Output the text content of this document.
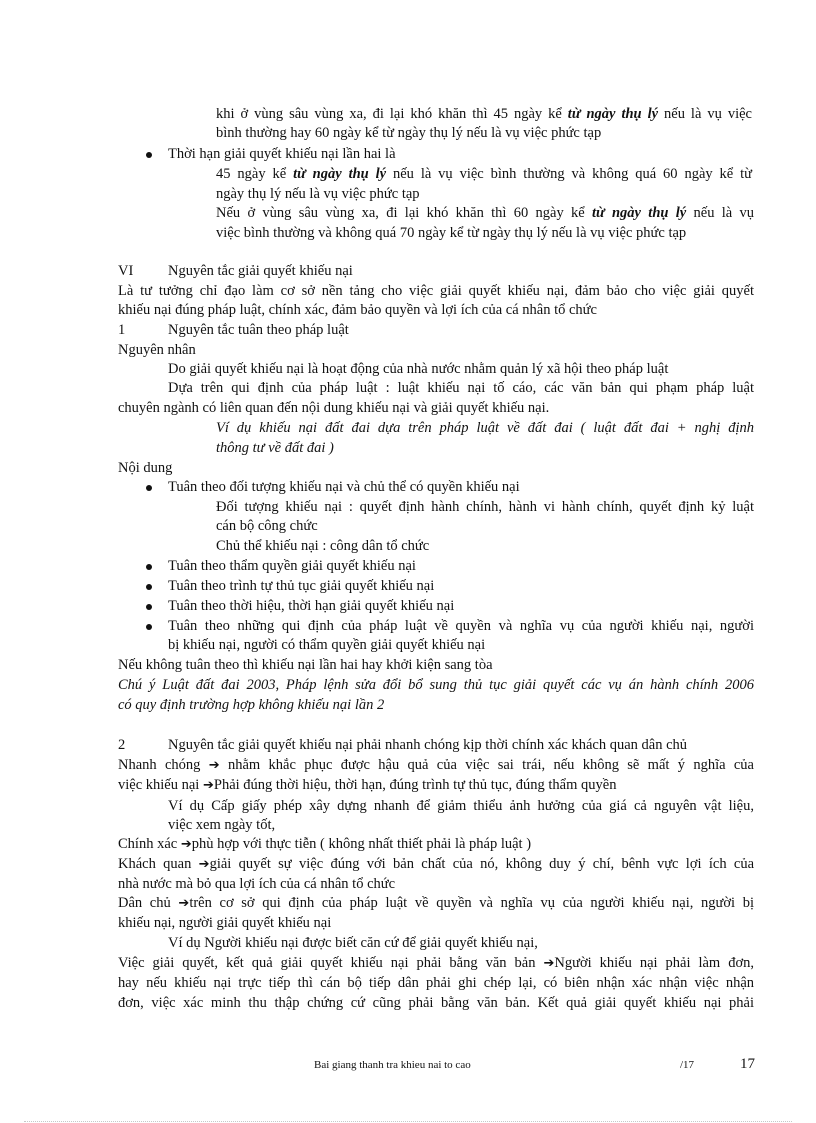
khi ở vùng sâu vùng xa, đi lại khó khăn thì 45 ngày kể từ ngày thụ lý nếu là vụ việc
bình thường hay 60 ngày kể từ ngày thụ lý nếu là vụ việc phức tạp
Thời hạn giải quyết khiếu nại lần hai là
45 ngày kể từ ngày thụ lý nếu là vụ việc bình thường và không quá 60 ngày kể từ
ngày thụ lý nếu là vụ việc phức tạp
Nếu ở vùng sâu vùng xa, đi lại khó khăn thì 60 ngày kể từ ngày thụ lý nếu là vụ
việc bình thường và không quá 70 ngày kể từ ngày thụ lý nếu là vụ việc phức tạp
VI Nguyên tắc giải quyết khiếu nại
Là tư tưởng chỉ đạo làm cơ sở nền tảng cho việc giải quyết khiếu nại, đảm bảo cho việc giải quyết
khiếu nại đúng pháp luật, chính xác, đảm bảo quyền và lợi ích của cá nhân tổ chức
1	Nguyên tắc tuân theo pháp luật
Nguyên nhân
Do giải quyết khiếu nại là hoạt động của nhà nước nhằm quản lý xã hội theo pháp luật
Dựa trên qui định của pháp luật : luật khiếu nại tố cáo, các văn bản qui phạm pháp luật
chuyên ngành có liên quan đến nội dung khiếu nại và giải quyết khiếu nại.
Ví dụ khiếu nại đất đai dựa trên pháp luật về đất đai ( luật đất đai + nghị định
thông tư về đất đai )
Nội dung
Tuân theo đối tượng khiếu nại và chủ thể có quyền khiếu nại
Đối tượng khiếu nại : quyết định hành chính, hành vi hành chính, quyết định kỷ luật
cán bộ công chức
Chủ thể khiếu nại : công dân tổ chức
Tuân theo thẩm quyền giải quyết khiếu nại
Tuân theo trình tự thủ tục giải quyết khiếu nại
Tuân theo thời hiệu, thời hạn giải quyết khiếu nại
Tuân theo những qui định của pháp luật về quyền và nghĩa vụ của người khiếu nại, người
bị khiếu nại, người có thẩm quyền giải quyết khiếu nại
Nếu không tuân theo thì khiếu nại lần hai hay khởi kiện sang tòa
Chú ý Luật đất đai 2003, Pháp lệnh sửa đổi bổ sung thủ tục giải quyết các vụ án hành chính 2006
có quy định trường hợp không khiếu nại lần 2
2	Nguyên tắc giải quyết khiếu nại phải nhanh chóng kịp thời chính xác khách quan dân chủ
Nhanh chóng ➔ nhằm khắc phục được hậu quả của việc sai trái, nếu không sẽ mất ý nghĩa của
việc khiếu nại ➔Phải đúng thời hiệu, thời hạn, đúng trình tự thủ tục, đúng thẩm quyền
Ví dụ Cấp giấy phép xây dựng nhanh để giảm thiểu ảnh hưởng của giá cả nguyên vật liệu,
việc xem ngày tốt,
Chính xác ➔phù hợp với thực tiễn ( không nhất thiết phải là pháp luật )
Khách quan ➔giải quyết sự việc đúng với bản chất của nó, không duy ý chí, bênh vực lợi ích của
nhà nước mà bỏ qua lợi ích của cá nhân tổ chức
Dân chủ ➔trên cơ sở qui định của pháp luật về quyền và nghĩa vụ của người khiếu nại, người bị
khiếu nại, người giải quyết khiếu nại
Ví dụ Người khiếu nại được biết căn cứ để giải quyết khiếu nại,
Việc giải quyết, kết quả giải quyết khiếu nại phải bằng văn bản ➔Người khiếu nại phải làm đơn,
hay nếu khiếu nại trực tiếp thì cán bộ tiếp dân phải ghi chép lại, có biên nhận xác nhận việc nhận
đơn, việc xác minh thu thập chứng cứ cũng phải bằng văn bản. Kết quả giải quyết khiếu nại phải
Bai giang thanh tra khieu nai to cao	/17	17
